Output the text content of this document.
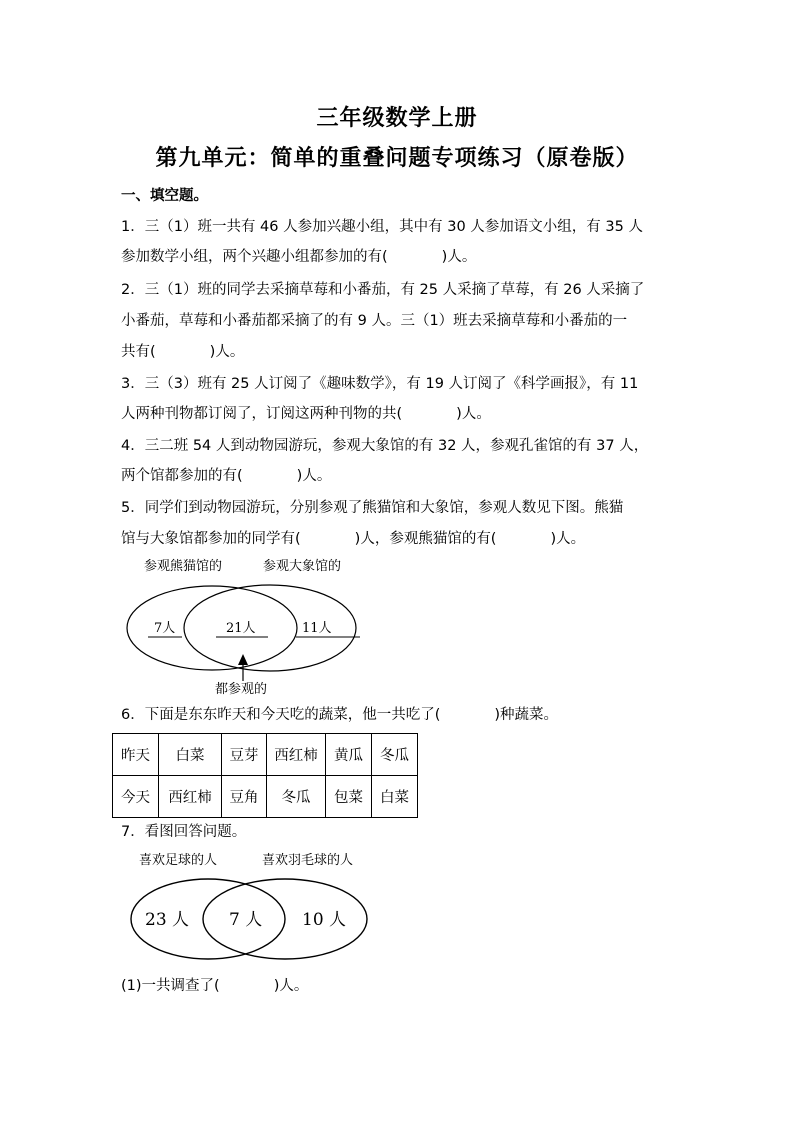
三年级数学上册
第九单元：简单的重叠问题专项练习（原卷版）
一、填空题。
1．三（1）班一共有 46 人参加兴趣小组，其中有 30 人参加语文小组，有 35 人
参加数学小组，两个兴趣小组都参加的有(	)人。
2．三（1）班的同学去采摘草莓和小番茄，有 25 人采摘了草莓，有 26 人采摘了
小番茄，草莓和小番茄都采摘了的有 9 人。三（1）班去采摘草莓和小番茄的一
共有(	)人。
3．三（3）班有 25 人订阅了《趣味数学》，有 19 人订阅了《科学画报》，有 11
人两种刊物都订阅了，订阅这两种刊物的共(	)人。
4．三二班 54 人到动物园游玩，参观大象馆的有 32 人，参观孔雀馆的有 37 人，
两个馆都参加的有(	)人。
5．同学们到动物园游玩，分别参观了熊猫馆和大象馆，参观人数见下图。熊猫
馆与大象馆都参加的同学有(	)人，参观熊猫馆的有(	)人。
参观熊猫馆的	参观大象馆的
7人	21人	11人
都参观的
6．下面是东东昨天和今天吃的蔬菜，他一共吃了(	)种蔬菜。
昨天	白菜	豆芽	西红柿	黄瓜	冬瓜
今天	西红柿	豆角	冬瓜	包菜	白菜
7．看图回答问题。
喜欢足球的人	喜欢羽毛球的人
23 人 7 人 10 人
(1)一共调查了(	)人。
